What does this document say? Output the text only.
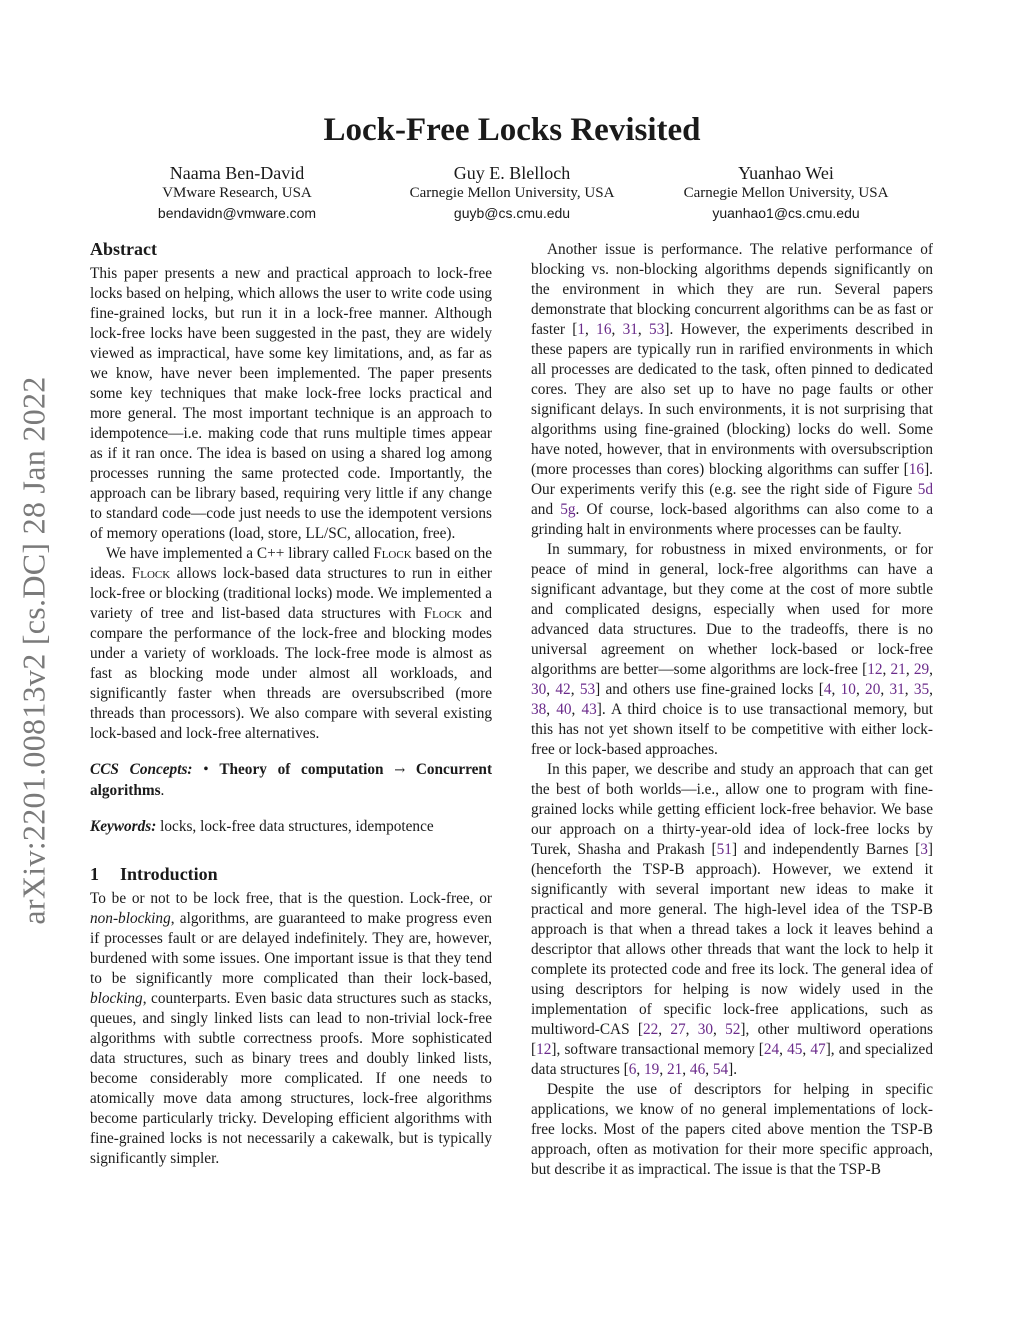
arXiv:2201.00813v2 [cs.DC] 28 Jan 2022
Lock-Free Locks Revisited
Naama Ben-David
VMware Research, USA
bendavidn@vmware.com
Guy E. Blelloch
Carnegie Mellon University, USA
guyb@cs.cmu.edu
Yuanhao Wei
Carnegie Mellon University, USA
yuanhao1@cs.cmu.edu
Abstract

This paper presents a new and practical approach to lock-free locks based on helping, which allows the user to write code using fine-grained locks, but run it in a lock-free manner. Although lock-free locks have been suggested in the past, they are widely viewed as impractical, have some key limitations, and, as far as we know, have never been implemented. The paper presents some key techniques that make lock-free locks practical and more general. The most important technique is an approach to idempotence—i.e. making code that runs multiple times appear as if it ran once. The idea is based on using a shared log among processes running the same protected code. Importantly, the approach can be library based, requiring very little if any change to standard code—code just needs to use the idempotent versions of memory operations (load, store, LL/SC, allocation, free).

We have implemented a C++ library called Flock based on the ideas. Flock allows lock-based data structures to run in either lock-free or blocking (traditional locks) mode. We implemented a variety of tree and list-based data structures with Flock and compare the performance of the lock-free and blocking modes under a variety of workloads. The lock-free mode is almost as fast as blocking mode under almost all workloads, and significantly faster when threads are oversubscribed (more threads than processors). We also compare with several existing lock-based and lock-free alternatives.

CCS Concepts: • Theory of computation → Concurrent algorithms.

Keywords: locks, lock-free data structures, idempotence

1 Introduction

To be or not to be lock free, that is the question. Lock-free, or non-blocking, algorithms, are guaranteed to make progress even if processes fault or are delayed indefinitely. They are, however, burdened with some issues. One important issue is that they tend to be significantly more complicated than their lock-based, blocking, counterparts. Even basic data structures such as stacks, queues, and singly linked lists can lead to non-trivial lock-free algorithms with subtle correctness proofs. More sophisticated data structures, such as binary trees and doubly linked lists, become considerably more complicated. If one needs to atomically move data among structures, lock-free algorithms become particularly tricky. Developing efficient algorithms with fine-grained locks is not necessarily a cakewalk, but is typically significantly simpler.

Another issue is performance. The relative performance of blocking vs. non-blocking algorithms depends significantly on the environment in which they are run. Several papers demonstrate that blocking concurrent algorithms can be as fast or faster [1, 16, 31, 53]. However, the experiments described in these papers are typically run in rarified environments in which all processes are dedicated to the task, often pinned to dedicated cores. They are also set up to have no page faults or other significant delays. In such environments, it is not surprising that algorithms using fine-grained (blocking) locks do well. Some have noted, however, that in environments with oversubscription (more processes than cores) blocking algorithms can suffer [16]. Our experiments verify this (e.g. see the right side of Figure 5d and 5g. Of course, lock-based algorithms can also come to a grinding halt in environments where processes can be faulty.

In summary, for robustness in mixed environments, or for peace of mind in general, lock-free algorithms can have a significant advantage, but they come at the cost of more subtle and complicated designs, especially when used for more advanced data structures. Due to the tradeoffs, there is no universal agreement on whether lock-based or lock-free algorithms are better—some algorithms are lock-free [12, 21, 29, 30, 42, 53] and others use fine-grained locks [4, 10, 20, 31, 35, 38, 40, 43]. A third choice is to use transactional memory, but this has not yet shown itself to be competitive with either lock-free or lock-based approaches.

In this paper, we describe and study an approach that can get the best of both worlds—i.e., allow one to program with fine-grained locks while getting efficient lock-free behavior. We base our approach on a thirty-year-old idea of lock-free locks by Turek, Shasha and Prakash [51] and independently Barnes [3] (henceforth the TSP-B approach). However, we extend it significantly with several important new ideas to make it practical and more general. The high-level idea of the TSP-B approach is that when a thread takes a lock it leaves behind a descriptor that allows other threads that want the lock to help it complete its protected code and free its lock. The general idea of using descriptors for helping is now widely used in the implementation of specific lock-free applications, such as multiword-CAS [22, 27, 30, 52], other multiword operations [12], software transactional memory [24, 45, 47], and specialized data structures [6, 19, 21, 46, 54].

Despite the use of descriptors for helping in specific applications, we know of no general implementations of lock-free locks. Most of the papers cited above mention the TSP-B approach, often as motivation for their more specific approach, but describe it as impractical. The issue is that the TSP-B
